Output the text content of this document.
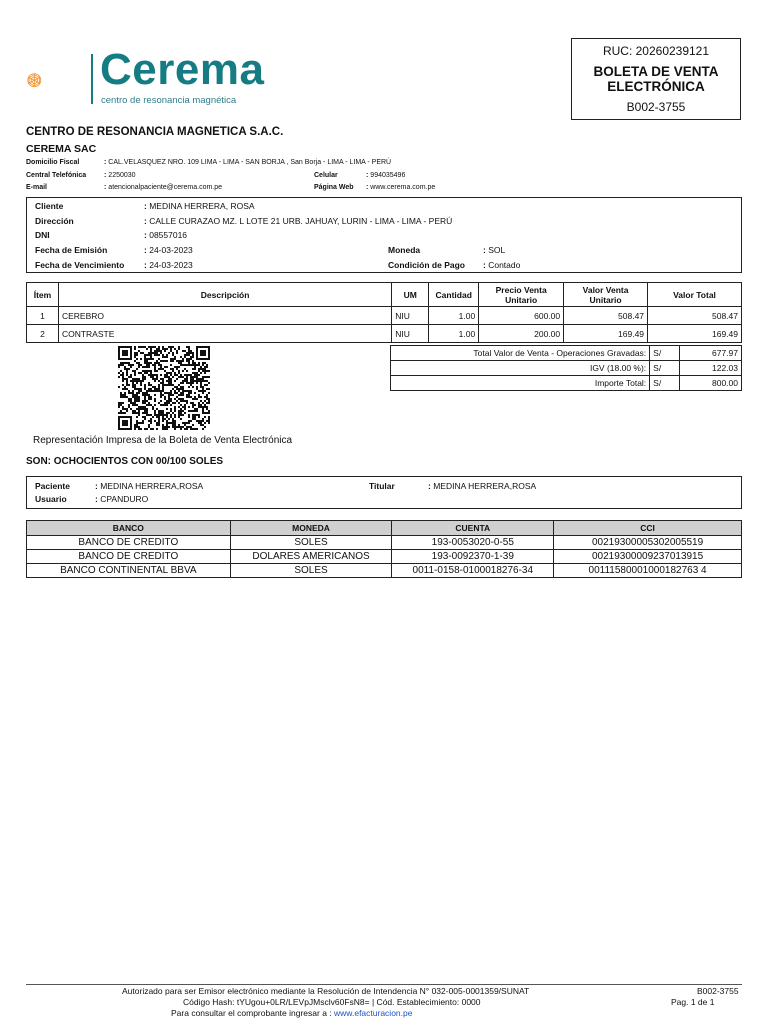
Cerema
centro de resonancia magnética
RUC: 20260239121
BOLETA DE VENTA
ELECTRÓNICA
B002-3755
CENTRO DE RESONANCIA MAGNETICA S.A.C.
CEREMA SAC
Domicilio Fiscal	: CAL.VELASQUEZ NRO. 109 LIMA - LIMA - SAN BORJA , San Borja - LIMA - LIMA - PERÚ
Central Telefónica	: 2250030	Celular	: 994035496
E-mail	: atencionalpaciente@cerema.com.pe	Página Web : www.cerema.com.pe
Cliente	: MEDINA HERRERA, ROSA
Dirección	: CALLE CURAZAO MZ. L LOTE 21 URB. JAHUAY, LURIN - LIMA - LIMA - PERÚ
DNI	: 08557016
Fecha de Emisión	: 24-03-2023
Fecha de Vencimiento : 24-03-2023
Moneda	: SOL
Condición de Pago : Contado
Ítem	Descripción	UM	Cantidad	Precio Venta Unitario	Valor Venta Unitario	Valor Total
1	CEREBRO	NIU	1.00	600.00	508.47	508.47
2	CONTRASTE	NIU	1.00	200.00	169.49	169.49
Total Valor de Venta - Operaciones Gravadas:	S/	677.97
IGV (18.00 %):	S/	122.03
Importe Total:	S/	800.00
Representación Impresa de la Boleta de Venta Electrónica
SON: OCHOCIENTOS CON 00/100 SOLES
Paciente	: MEDINA HERRERA,ROSA	Titular	: MEDINA HERRERA,ROSA
Usuario	: CPANDURO
BANCO	MONEDA	CUENTA	CCI
BANCO DE CREDITO	SOLES	193-0053020-0-55	00219300005302005519
BANCO DE CREDITO	DOLARES AMERICANOS	193-0092370-1-39	00219300009237013915
BANCO CONTINENTAL BBVA	SOLES	0011-0158-0100018276-34	00111580001000182763 4
Autorizado para ser Emisor electrónico mediante la Resolución de Intendencia N° 032-005-0001359/SUNAT
Código Hash: tYUgou+0LR/LEVpJMsclv60FsN8= | Cód. Establecimiento: 0000
Para consultar el comprobante ingresar a : www.efacturacion.pe
B002-3755
Pag. 1 de 1
